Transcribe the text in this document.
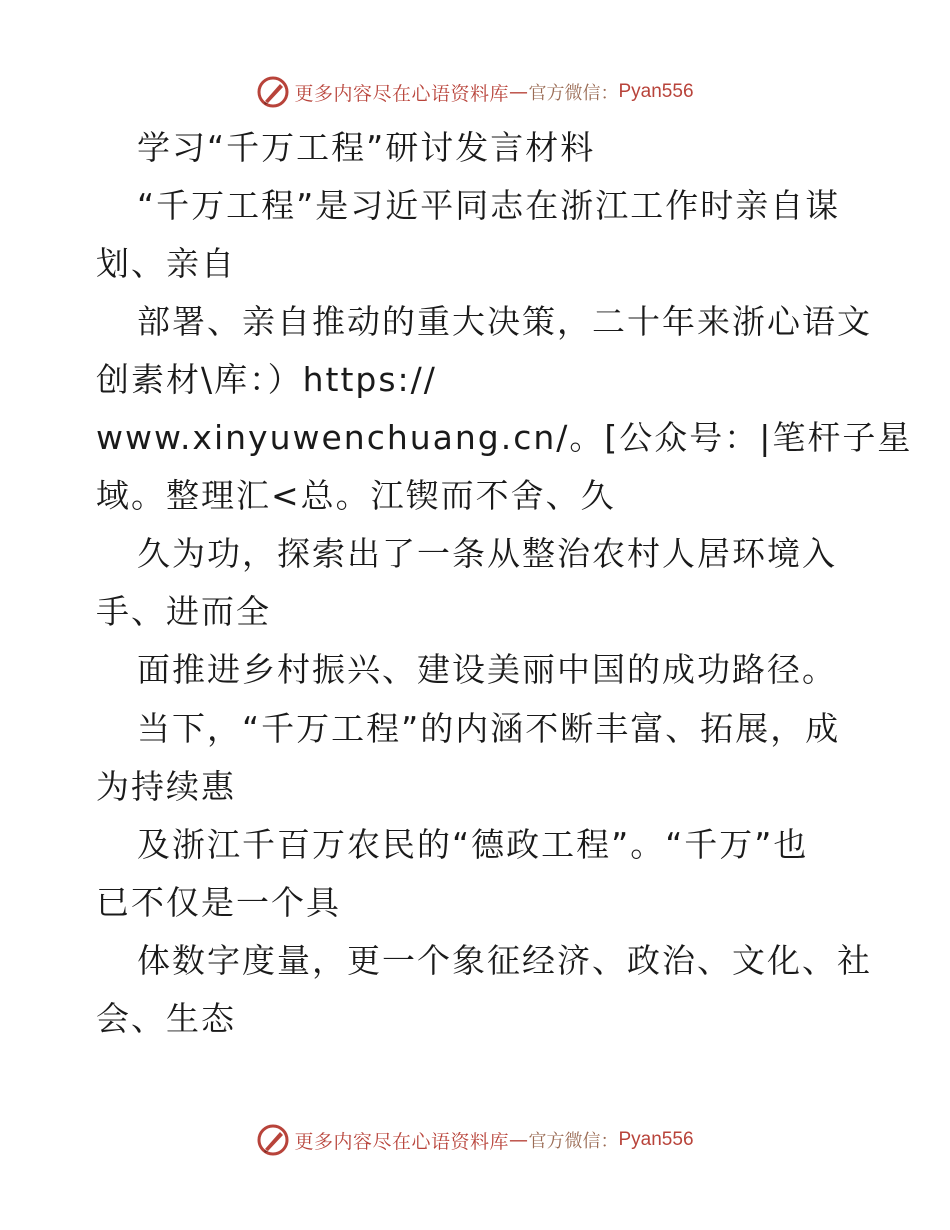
更多内容尽在心语资料库 — 官方微信： Pyan556
学习“千万工程”研讨发言材料
“千万工程”是习近平同志在浙江工作时亲自谋
划、亲自
部署、亲自推动的重大决策，二十年来浙心语文
创素材\库：）https://
www.xinyuwenchuang.cn/。[公众号：|笔杆子星
域。整理汇<总。江锲而不舍、久
久为功，探索出了一条从整治农村人居环境入
手、进而全
面推进乡村振兴、建设美丽中国的成功路径。
当下，“千万工程”的内涵不断丰富、拓展，成
为持续惠
及浙江千百万农民的“德政工程”。“千万”也
已不仅是一个具
体数字度量，更一个象征经济、政治、文化、社
会、生态
更多内容尽在心语资料库 — 官方微信： Pyan556
